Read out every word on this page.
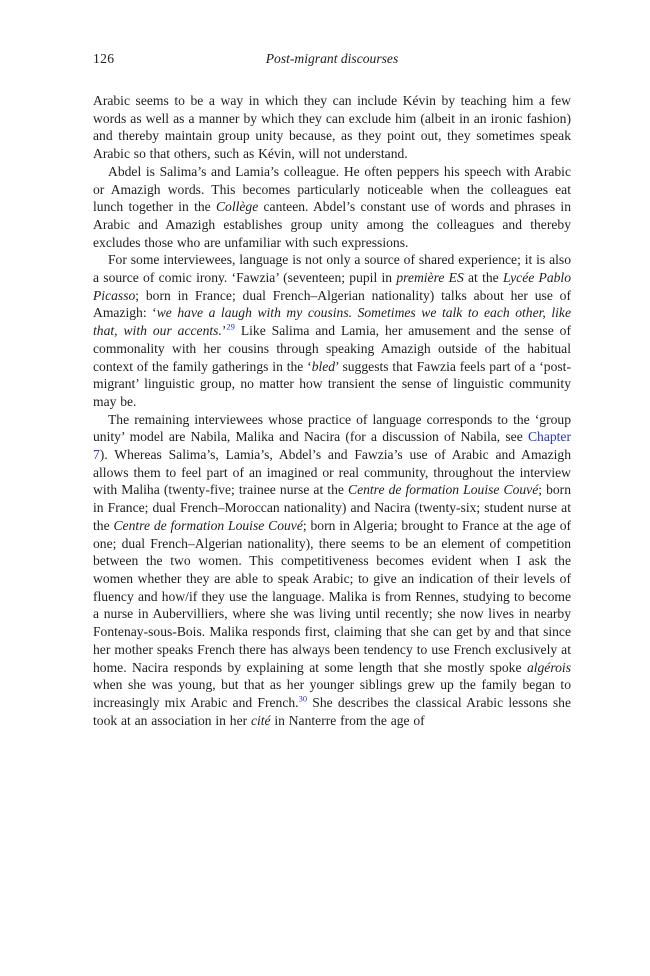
126	Post-migrant discourses

Arabic seems to be a way in which they can include Kévin by teaching him a few words as well as a manner by which they can exclude him (albeit in an ironic fashion) and thereby maintain group unity because, as they point out, they sometimes speak Arabic so that others, such as Kévin, will not understand.

Abdel is Salima’s and Lamia’s colleague. He often peppers his speech with Arabic or Amazigh words. This becomes particularly noticeable when the colleagues eat lunch together in the Collège canteen. Abdel’s constant use of words and phrases in Arabic and Amazigh establishes group unity among the colleagues and thereby excludes those who are unfamiliar with such expressions.

For some interviewees, language is not only a source of shared experience; it is also a source of comic irony. ‘Fawzia’ (seventeen; pupil in première ES at the Lycée Pablo Picasso; born in France; dual French–Algerian nationality) talks about her use of Amazigh: ‘we have a laugh with my cousins. Sometimes we talk to each other, like that, with our accents.’$^{29}$ Like Salima and Lamia, her amusement and the sense of commonality with her cousins through speaking Amazigh outside of the habitual context of the family gatherings in the ‘bled’ suggests that Fawzia feels part of a ‘post-migrant’ linguistic group, no matter how transient the sense of linguistic community may be.

The remaining interviewees whose practice of language corresponds to the ‘group unity’ model are Nabila, Malika and Nacira (for a discussion of Nabila, see Chapter 7). Whereas Salima’s, Lamia’s, Abdel’s and Fawzia’s use of Arabic and Amazigh allows them to feel part of an imagined or real community, throughout the interview with Maliha (twenty-five; trainee nurse at the Centre de formation Louise Couvé; born in France; dual French–Moroccan nationality) and Nacira (twenty-six; student nurse at the Centre de formation Louise Couvé; born in Algeria; brought to France at the age of one; dual French–Algerian nationality), there seems to be an element of competition between the two women. This competitiveness becomes evident when I ask the women whether they are able to speak Arabic; to give an indication of their levels of fluency and how/if they use the language. Malika is from Rennes, studying to become a nurse in Aubervilliers, where she was living until recently; she now lives in nearby Fontenay-sous-Bois. Malika responds first, claiming that she can get by and that since her mother speaks French there has always been tendency to use French exclusively at home. Nacira responds by explaining at some length that she mostly spoke algérois when she was young, but that as her younger siblings grew up the family began to increasingly mix Arabic and French.$^{30}$ She describes the classical Arabic lessons she took at an association in her cité in Nanterre from the age of
